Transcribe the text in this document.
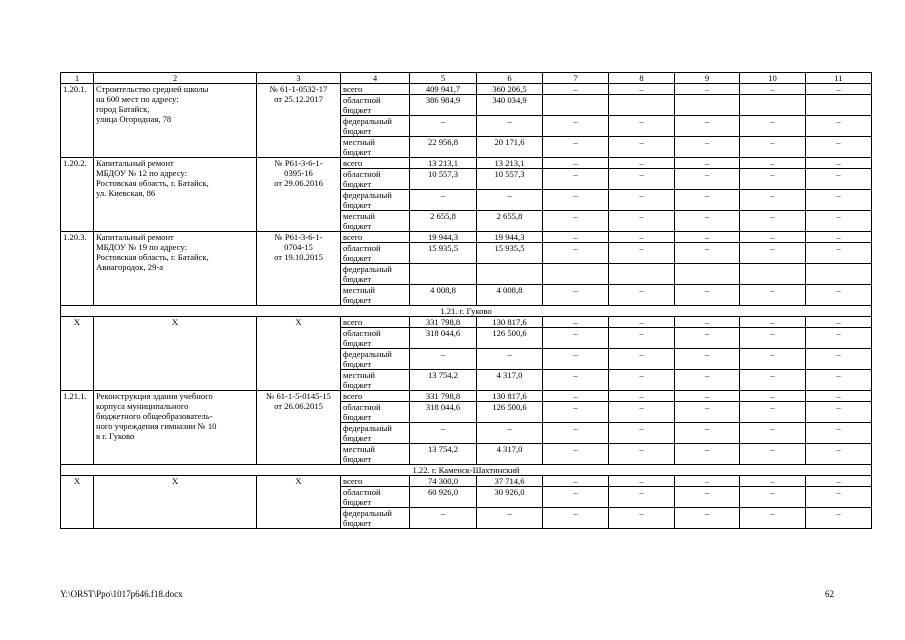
1	2	3	4	5	6	7	8	9	10	11
1.20.1.	Строительство средней школы
на 600 мест по адресу:
город Батайск,
улица Огородная, 78	№ 61-1-0532-17
от 25.12.2017	всего	409 941,7	360 206,5	–	–	–	–	–
			областной
бюджет	386 984,9	340 034,9					
			федеральный
бюджет	–	–	–	–	–	–	–
			местный
бюджет	22 956,8	20 171,6	–	–	–	–	–
1.20.2.	Капитальный ремонт
МБДОУ № 12 по адресу:
Ростовская область, г. Батайск,
ул. Киевская, 86	№ Р61-3-6-1-
0395-16
от 29.06.2016	всего	13 213,1	13 213,1	–	–	–	–	–
			областной
бюджет	10 557,3	10 557,3	–	–	–	–	–
			федеральный
бюджет	–	–	–	–	–	–	–
			местный
бюджет	2 655,8	2 655,8	–	–	–	–	–
1.20.3.	Капитальный ремонт
МБДОУ № 19 по адресу:
Ростовская область, г. Батайск,
Авиагородок, 29-а	№ Р61-3-6-1-
0704-15
от 19.10.2015	всего	19 944,3	19 944,3	–	–	–	–	–
			областной
бюджет	15 935,5	15 935,5	–	–	–	–	–
			федеральный
бюджет							
			местный
бюджет	4 008,8	4 008,8	–	–	–	–	–
1.21. г. Гуково										
X	X	X	всего	331 798,8	130 817,6	–	–	–	–	–
			областной
бюджет	318 044,6	126 500,6	–	–	–	–	–
			федеральный
бюджет	–	–	–	–	–	–	–
			местный
бюджет	13 754,2	4 317,0	–	–	–	–	–
1.21.1.	Реконструкция здания учебного
корпуса муниципального
бюджетного общеобразователь-
ного учреждения гимназии № 10
в г. Гуково	№ 61-1-5-0145-15
от 26.06.2015	всего	331 798,8	130 817,6	–	–	–	–	–
			областной
бюджет	318 044,6	126 500,6	–	–	–	–	–
			федеральный
бюджет	–	–	–	–	–	–	–
			местный
бюджет	13 754,2	4 317,0	–	–	–	–	–
1.22. г. Каменск-Шахтинский										
X	X	X	всего	74 300,0	37 714,6	–	–	–	–	–
			областной
бюджет	60 926,0	30 926,0	–	–	–	–	–
			федеральный
бюджет	–	–	–	–	–	–	–
Y:\ORST\Ppo\1017p646.f18.docx	62
